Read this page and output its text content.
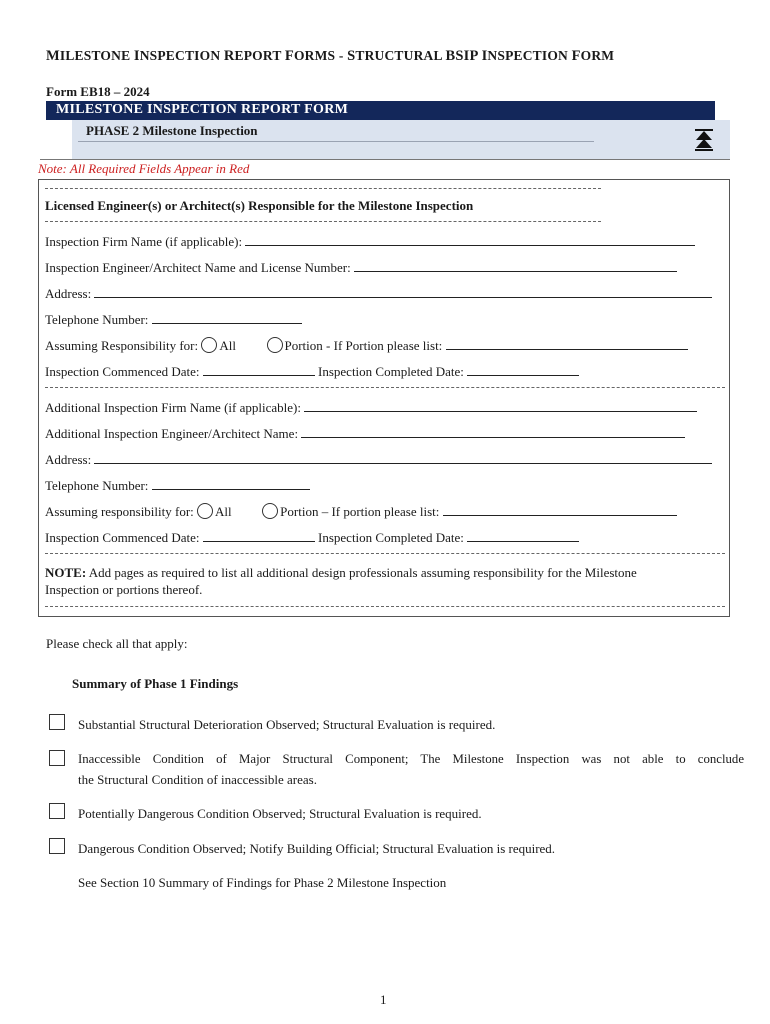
MILESTONE INSPECTION REPORT FORMS - STRUCTURAL BSIP INSPECTION FORM
Form EB18 – 2024
MILESTONE INSPECTION REPORT FORM
PHASE 2 Milestone Inspection
Note: All Required Fields Appear in Red
Licensed Engineer(s) or Architect(s) Responsible for the Milestone Inspection
Inspection Firm Name (if applicable):
Inspection Engineer/Architect Name and License Number:
Address:
Telephone Number:
Assuming Responsibility for: All	Portion - If Portion please list:
Inspection Commenced Date:	Inspection Completed Date:
Additional Inspection Firm Name (if applicable):
Additional Inspection Engineer/Architect Name:
Address:
Telephone Number:
Assuming responsibility for: All	Portion – If portion please list:
Inspection Commenced Date:	Inspection Completed Date:
NOTE: Add pages as required to list all additional design professionals assuming responsibility for the Milestone
Inspection or portions thereof.
Please check all that apply:
Summary of Phase 1 Findings
Substantial Structural Deterioration Observed; Structural Evaluation is required.
Inaccessible Condition of Major Structural Component; The Milestone Inspection was not able to conclude
the Structural Condition of inaccessible areas.
Potentially Dangerous Condition Observed; Structural Evaluation is required.
Dangerous Condition Observed; Notify Building Official; Structural Evaluation is required.
See Section 10 Summary of Findings for Phase 2 Milestone Inspection
1
